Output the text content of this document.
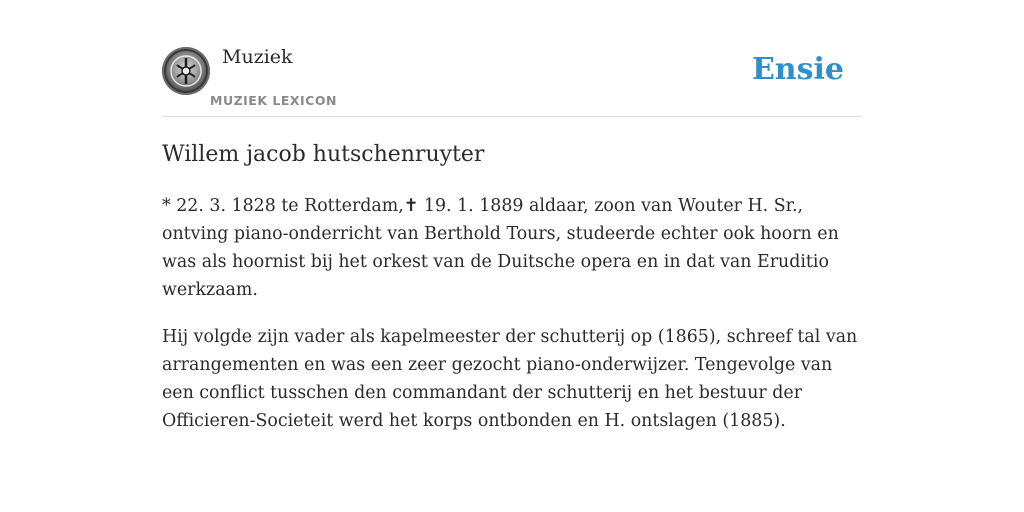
Muziek
MUZIEK LEXICON
Ensie
Willem jacob hutschenruyter

* 22. 3. 1828 te Rotterdam,✝ 19. 1. 1889 aldaar, zoon van Wouter H. Sr., ontving piano-onderricht van Berthold Tours, studeerde echter ook hoorn en was als hoornist bij het orkest van de Duitsche opera en in dat van Eruditio werkzaam.

Hij volgde zijn vader als kapelmeester der schutterij op (1865), schreef tal van arrangementen en was een zeer gezocht piano-onderwijzer. Tengevolge van een conflict tusschen den commandant der schutterij en het bestuur der Officieren-Societeit werd het korps ontbonden en H. ontslagen (1885).
